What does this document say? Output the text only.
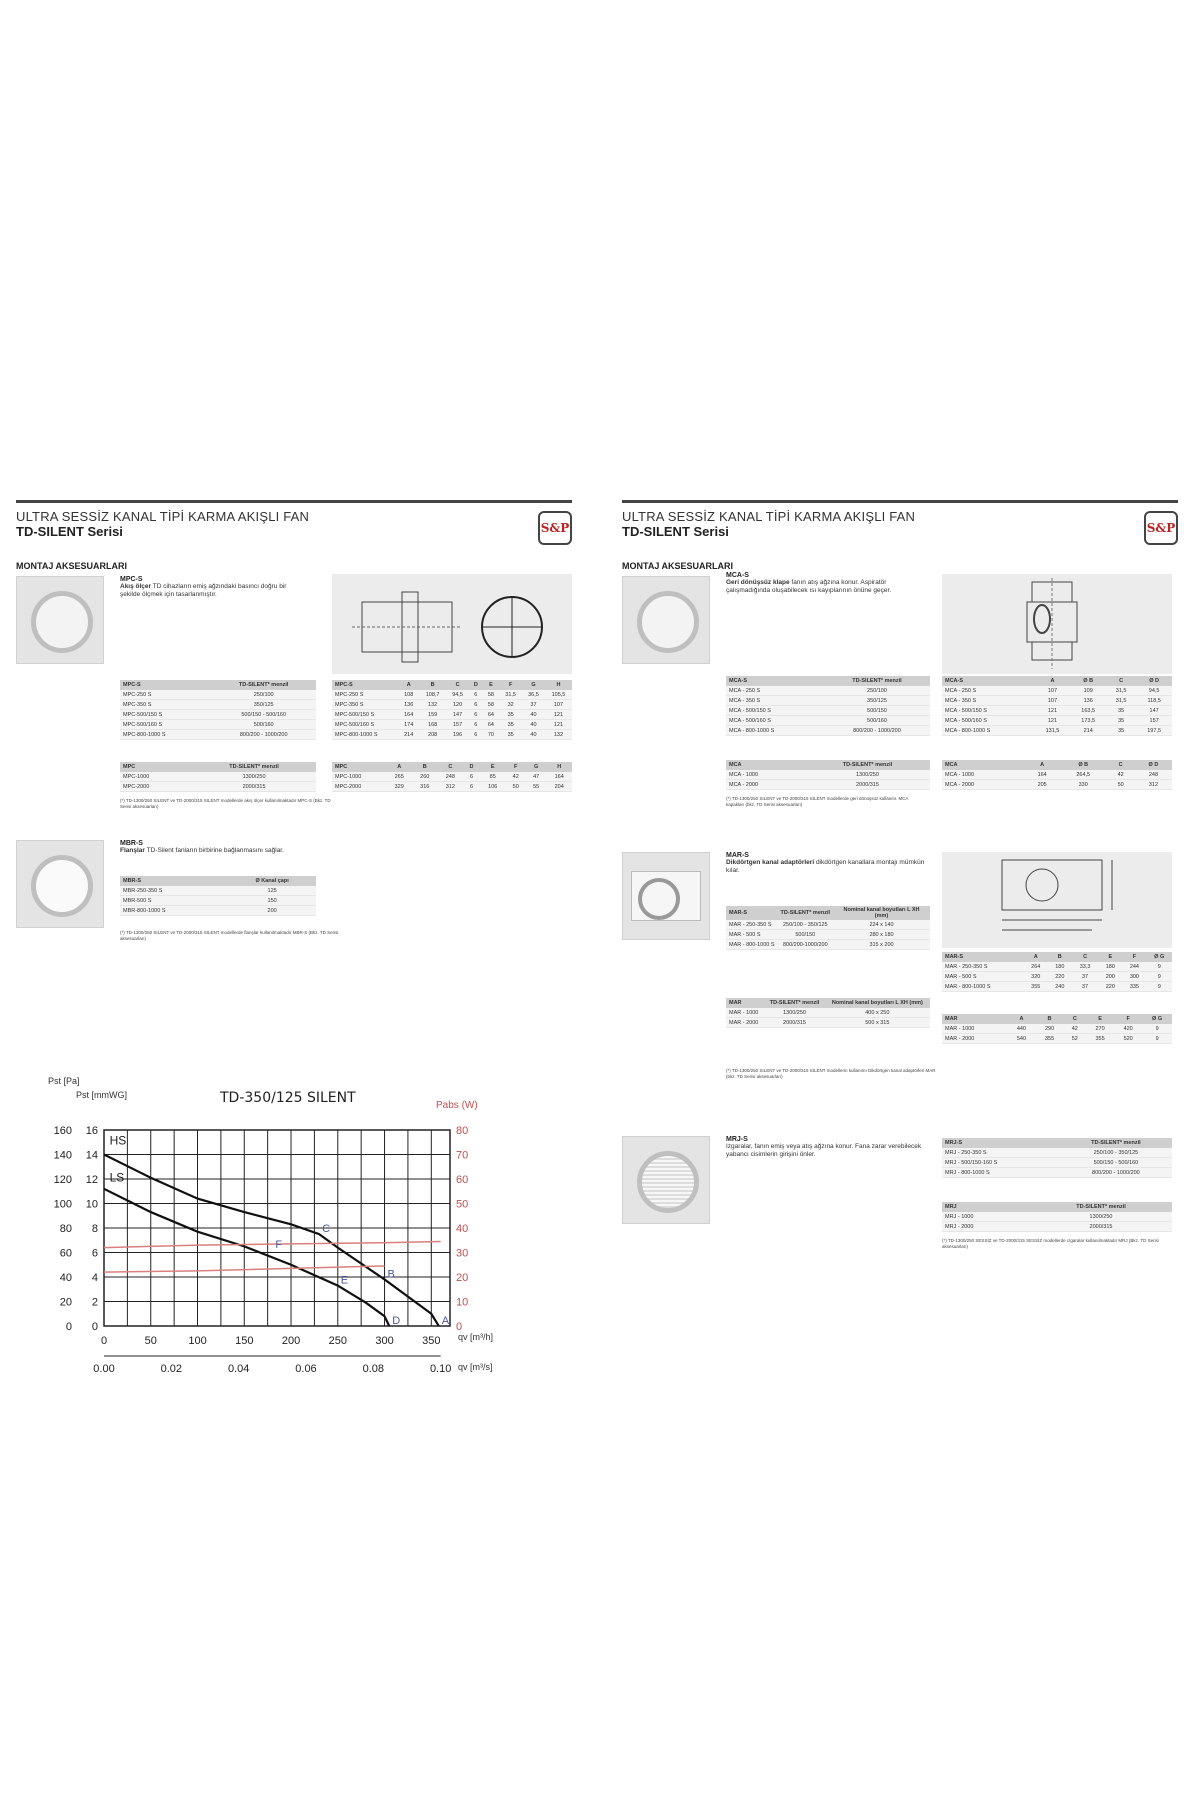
ULTRA SESSİZ KANAL TİPİ KARMA AKIŞLI FAN
TD-SILENT Serisi	S&P
MONTAJ AKSESUARLARI
MPC-S
Akış ölçer TD cihazların emiş ağzındaki basıncı doğru bir şekilde ölçmek için tasarlanmıştır.
MPC-S	TD-SILENT* menzil
MPC-250 S	250/100
MPC-350 S	350/125
MPC-500/150 S	500/150 - 500/160
MPC-500/160 S	500/160
MPC-800-1000 S	800/200 - 1000/200
MPC	TD-SILENT* menzil
MPC-1000	1300/250
MPC-2000	2000/315
MPC-S	A	B	C	D	E	F	G	H
MPC-250 S	108	108,7	94,5	6	58	31,5	36,5	105,5
MPC-350 S	136	132	120	6	58	32	37	107
MPC-500/150 S	164	159	147	6	64	35	40	121
MPC-500/160 S	174	168	157	6	64	35	40	121
MPC-800-1000 S	214	208	196	6	70	35	40	132
MPC	A	B	C	D	E	F	G	H
MPC-1000	265	260	248	6	85	42	47	164
MPC-2000	329	316	312	6	106	50	55	204
(*) TD-1300/250 SILENT ve TD-2000/315 SILENT modellerde akış ölçer kullanılmaktadır MPC-S (Bkz. TD Serisi aksesuarları)
MBR-S
Flanşlar TD-Silent fanların birbirine bağlanmasını sağlar.
MBR-S	Ø Kanal çapı
MBR-250-350 S	125
MBR-500 S	150
MBR-800-1000 S	200
(*) TD-1300/250 SILENT ve TD-2000/315 SILENT modellerde flanşlar kullanılmaktadır MBR-S (Bkz. TD Serisi aksesuarları)
ULTRA SESSİZ KANAL TİPİ KARMA AKIŞLI FAN
TD-SILENT Serisi	S&P
MONTAJ AKSESUARLARI
MCA-S
Geri dönüşsüz klape fanın atış ağzına konur. Aspiratör çalışmadığında oluşabilecek ısı kayıplarının önüne geçer.
MCA-S	TD-SILENT* menzil
MCA - 250 S	250/100
MCA - 350 S	350/125
MCA - 500/150 S	500/150
MCA - 500/160 S	500/160
MCA - 800-1000 S	800/200 - 1000/200
MCA	TD-SILENT* menzil
MCA - 1000	1300/250
MCA - 2000	2000/315
(*) TD-1300/250 SILENT ve TD-2000/315 SILENT modellerde geri dönüşsüz kullanılır. MCA kapakları (bkz. TD Serisi aksesuarları)
MCA-S	A	Ø B	C	Ø D
MCA - 250 S	107	109	31,5	94,5
MCA - 350 S	107	136	31,5	118,5
MCA - 500/150 S	121	163,5	35	147
MCA - 500/160 S	121	173,5	35	157
MCA - 800-1000 S	131,5	214	35	197,5
MCA	A	Ø B	C	Ø D
MCA - 1000	164	264,5	42	248
MCA - 2000	205	330	50	312
MAR-S
Dikdörtgen kanal adaptörleri dikdörtgen kanallara montajı mümkün kılar.
MAR-S	TD-SILENT* menzil	Nominal kanal boyutları L XH (mm)
MAR - 250-350 S	250/100 - 350/125	224 x 140
MAR - 500 S	500/150	280 x 180
MAR - 800-1000 S	800/200-1000/200	315 x 200
MAR	TD-SILENT* menzil	Nominal kanal boyutları L XH (mm)
MAR - 1000	1300/250	400 x 250
MAR - 2000	2000/315	500 x 315
(*) TD-1300/250 SILENT ve TD-2000/315 SILENT modellerin kullanımı Dikdörtgen kanal adaptörleri MAR (bkz. TD Serisi aksesuarları)
MAR-S	A	B	C	E	F	Ø G
MAR - 250-350 S	264	180	33,3	180	244	9
MAR - 500 S	320	220	37	200	300	9
MAR - 800-1000 S	355	240	37	220	335	9
MAR	A	B	C	E	F	Ø G
MAR - 1000	440	290	42	270	420	9
MAR - 2000	540	355	52	355	520	9
MRJ-S
Izgaralar, fanın emiş veya atış ağzına konur. Fana zarar verebilecek yabancı cisimlerin girişini önler.
MRJ-S	TD-SILENT* menzil
MRJ - 250-350 S	250/100 - 350/125
MRJ - 500/150-160 S	500/150 - 500/160
MRJ - 800-1000 S	800/200 - 1000/200
MRJ	TD-SILENT* menzil
MRJ - 1000	1300/250
MRJ - 2000	2000/315
(*) TD-1300/250 SESSİZ ve TD-2000/315 SESSİZ modellerde ızgaralar kullanılmaktadır MRJ (Bkz. TD Serisi aksesuarları)
TD-350/125 SILENT
Pst [Pa]
Pst [mmWG]
Pabs (W)
qv [m³/h]
qv [m³/s]
0
20
40
60
80
100
120
140
160
0
2
4
6
8
10
12
14
16
0
10
20
30
40
50
60
70
80
0	50	100	150	200	250	300	350
0.00	0.02	0.04	0.06	0.08	0.10
HS
LS
A
B
C
D
E
F
